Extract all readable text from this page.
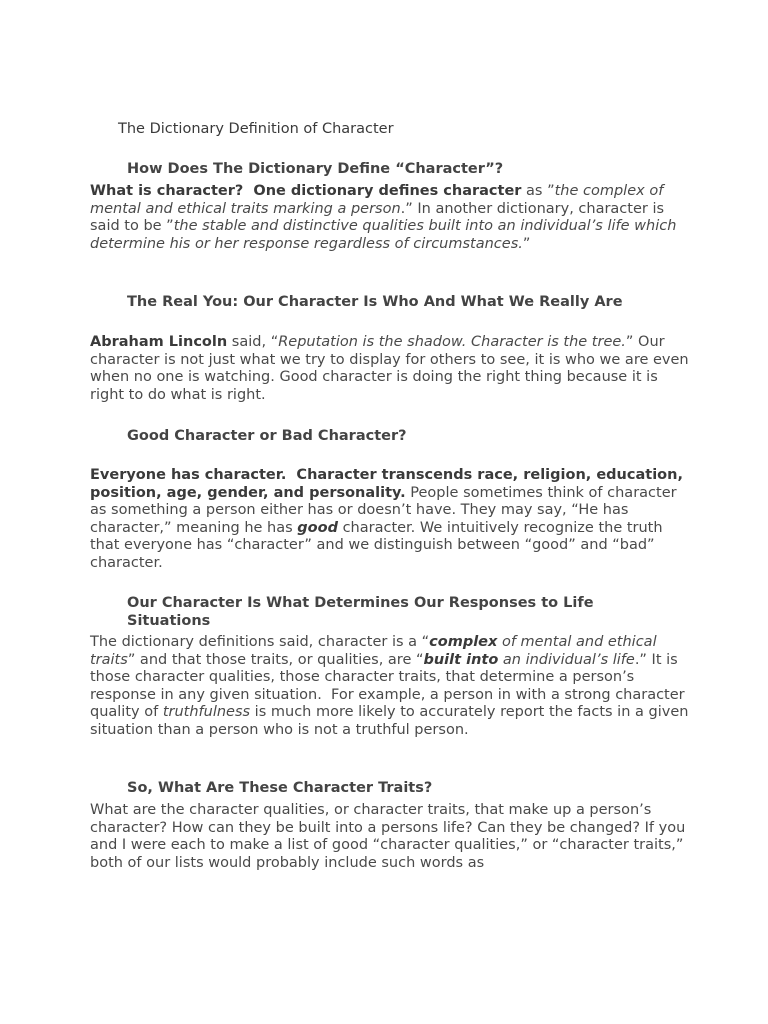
The Dictionary Definition of Character
How Does The Dictionary Define “Character”?

What is character?  One dictionary defines character as ”the complex of mental and ethical traits marking a person.” In another dictionary, character is said to be ”the stable and distinctive qualities built into an individual’s life which determine his or her response regardless of circumstances.”

The Real You: Our Character Is Who And What We Really Are

Abraham Lincoln said, “Reputation is the shadow. Character is the tree.” Our character is not just what we try to display for others to see, it is who we are even when no one is watching. Good character is doing the right thing because it is right to do what is right.

Good Character or Bad Character?

Everyone has character.  Character transcends race, religion, education, position, age, gender, and personality. People sometimes think of character as something a person either has or doesn’t have. They may say, “He has character,” meaning he has good character. We intuitively recognize the truth that everyone has “character” and we distinguish between “good” and “bad” character.

Our Character Is What Determines Our Responses to Life Situations

The dictionary definitions said, character is a “complex of mental and ethical traits” and that those traits, or qualities, are “built into an individual’s life.” It is those character qualities, those character traits, that determine a person’s response in any given situation.  For example, a person in with a strong character quality of truthfulness is much more likely to accurately report the facts in a given situation than a person who is not a truthful person.

So, What Are These Character Traits?

What are the character qualities, or character traits, that make up a person’s character? How can they be built into a persons life? Can they be changed? If you and I were each to make a list of good “character qualities,” or “character traits,” both of our lists would probably include such words as
